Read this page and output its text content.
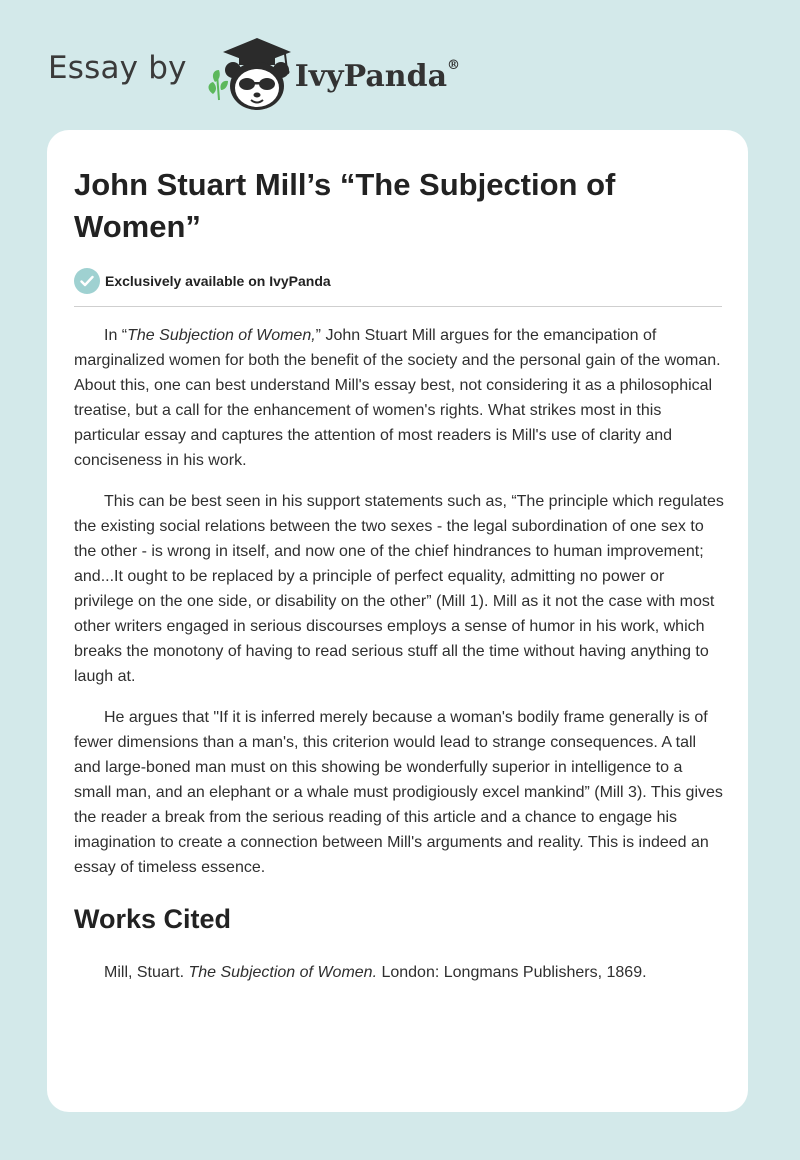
Essay by	IvyPanda®
John Stuart Mill’s “The Subjection of Women”
Exclusively available on IvyPanda

In “The Subjection of Women,” John Stuart Mill argues for the emancipation of marginalized women for both the benefit of the society and the personal gain of the woman. About this, one can best understand Mill's essay best, not considering it as a philosophical treatise, but a call for the enhancement of women's rights. What strikes most in this particular essay and captures the attention of most readers is Mill's use of clarity and conciseness in his work.

This can be best seen in his support statements such as, “The principle which regulates the existing social relations between the two sexes - the legal subordination of one sex to the other - is wrong in itself, and now one of the chief hindrances to human improvement; and...It ought to be replaced by a principle of perfect equality, admitting no power or privilege on the one side, or disability on the other” (Mill 1). Mill as it not the case with most other writers engaged in serious discourses employs a sense of humor in his work, which breaks the monotony of having to read serious stuff all the time without having anything to laugh at.

He argues that "If it is inferred merely because a woman's bodily frame generally is of fewer dimensions than a man's, this criterion would lead to strange consequences. A tall and large-boned man must on this showing be wonderfully superior in intelligence to a small man, and an elephant or a whale must prodigiously excel mankind” (Mill 3). This gives the reader a break from the serious reading of this article and a chance to engage his imagination to create a connection between Mill's arguments and reality. This is indeed an essay of timeless essence.

Works Cited
Mill, Stuart. The Subjection of Women. London: Longmans Publishers, 1869.
